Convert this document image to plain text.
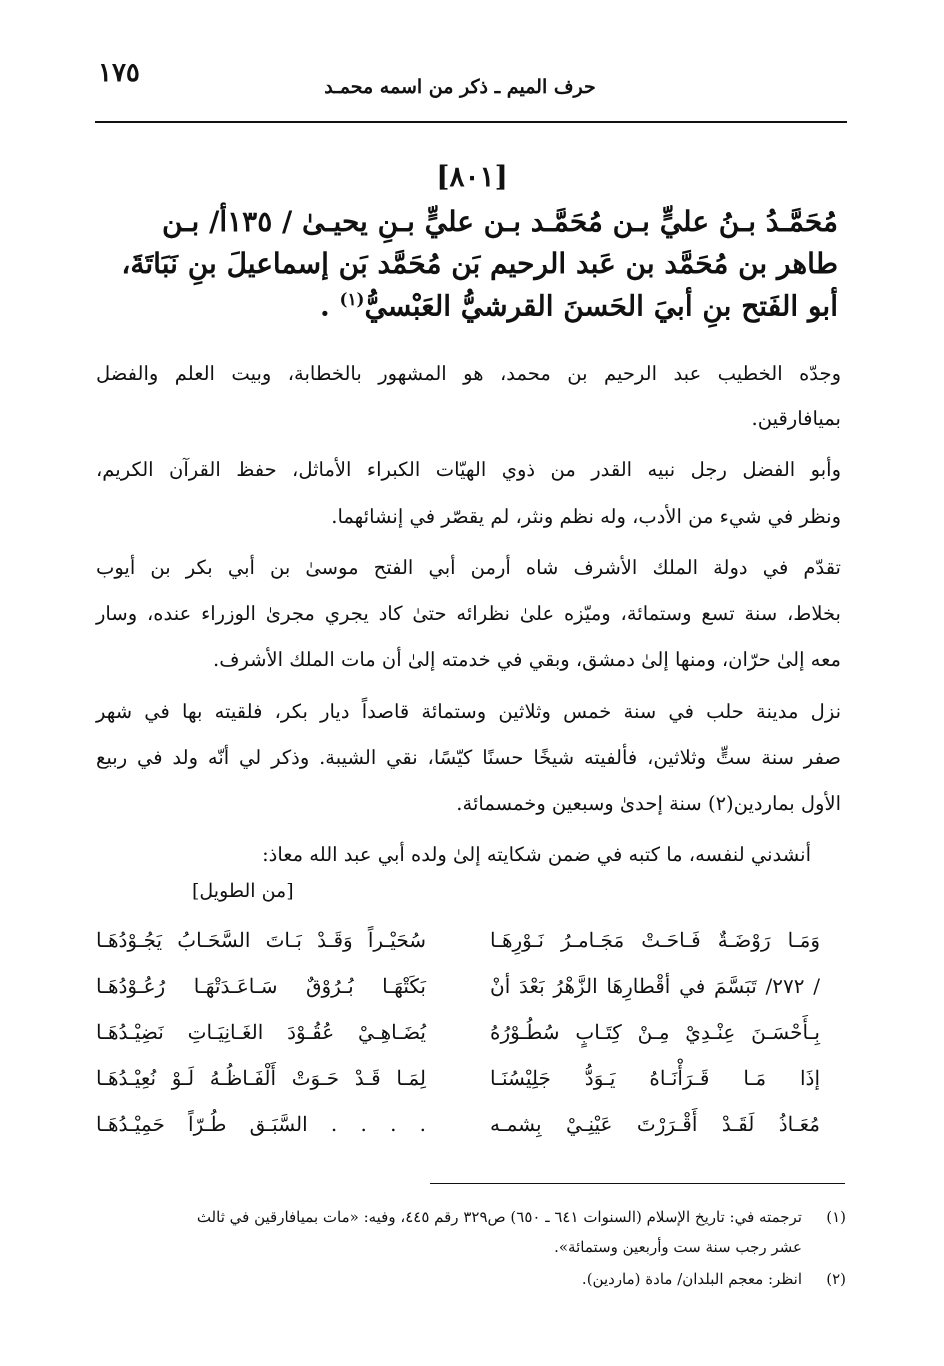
١٧٥	حرف الميم ـ ذكر من اسمه محمـد
[٨٠١]
مُحَمَّـدُ بـنُ عليٍّ بـن مُحَمَّـد بـن عليٍّ بـنِ يحيـىٰ / ١٣٥أ/ بـن
طاهر بن مُحَمَّد بن عَبد الرحيم بَن مُحَمَّد بَن إسماعيلَ بنِ نَبَاتَةَ،
أبو الفَتح بنِ أبيَ الحَسنَ القرشيُّ العَبْسيُّ$^{(١)}$ .
وجدّه الخطيب عبد الرحيم بن محمد، هو المشهور بالخطابة، وبيت العلم والفضل
بميافارقين.
وأبو الفضل رجل نبيه القدر من ذوي الهيّات الكبراء الأماثل، حفظ القرآن الكريم،
ونظر في شيء من الأدب، وله نظم ونثر، لم يقصّر في إنشائهما.
تقدّم في دولة الملك الأشرف شاه أرمن أبي الفتح موسىٰ بن أبي بكر بن أيوب
بخلاط، سنة تسع وستمائة، وميّزه علىٰ نظرائه حتىٰ كاد يجري مجرىٰ الوزراء عنده، وسار
معه إلىٰ حرّان، ومنها إلىٰ دمشق، وبقي في خدمته إلىٰ أن مات الملك الأشرف.
نزل مدينة حلب في سنة خمس وثلاثين وستمائة قاصداً ديار بكر، فلقيته بها في شهر
صفر سنة ستٍّ وثلاثين، فألفيته شيخًا حسنًا كيّسًا، نقي الشيبة. وذكر لي أنّه ولد في ربيع
الأول بماردين(٢) سنة إحدىٰ وسبعين وخمسمائة.
أنشدني لنفسه، ما كتبه في ضمن شكايته إلىٰ ولده أبي عبد الله معاذ:
[من الطويل]
وَمَـا رَوْضَـةٌ فَـاحَـتْ مَجَـامـرُ نَـوْرِهَـا
سُحَيْـراً وَقَـدْ بَـاتَ السَّحَـابُ يَجُـوْدُهَـا
/ ٢٧٢/ تَبَسَّمَ في أقْطارِهَا الزَّهْرُ بَعْدَ أنْ
بَكَتْهَـا بُـرُوْقٌ سَـاعَـدَتْهَـا رُعُـوْدُهَـا
بِـأَحْسَـنَ عِنْـدِيْ مِـنْ كِتَـابٍ سُطُـوْرُهُ
يُضَـاهِـيْ عُقُـوْدَ الغَـانِيَـاتِ نَضِيْـدُهَـا
إذَا مَـا قَـرَأْنَـاهُ يَـوَدُّ جَلِيْسُنَـا
لِمَـا قَـدْ حَـوَتْ أَلْفَـاظُـهُ لَـوْ نُعِيْـدُهَـا
مُعَـاذُ لَقَـدْ أَقْـرَرْتَ عَيْنِـيْ بِشمـه
. . . . السَّبَـق طُـرّاً حَمِيْـدُهَـا
(١)ترجمته في: تاريخ الإسلام (السنوات ٦٤١ ـ ٦٥٠) ص٣٢٩ رقم ٤٤٥، وفيه: «مات بميافارقين في ثالث
عشر رجب سنة ست وأربعين وستمائة».
(٢)انظر: معجم البلدان/ مادة (ماردين).
